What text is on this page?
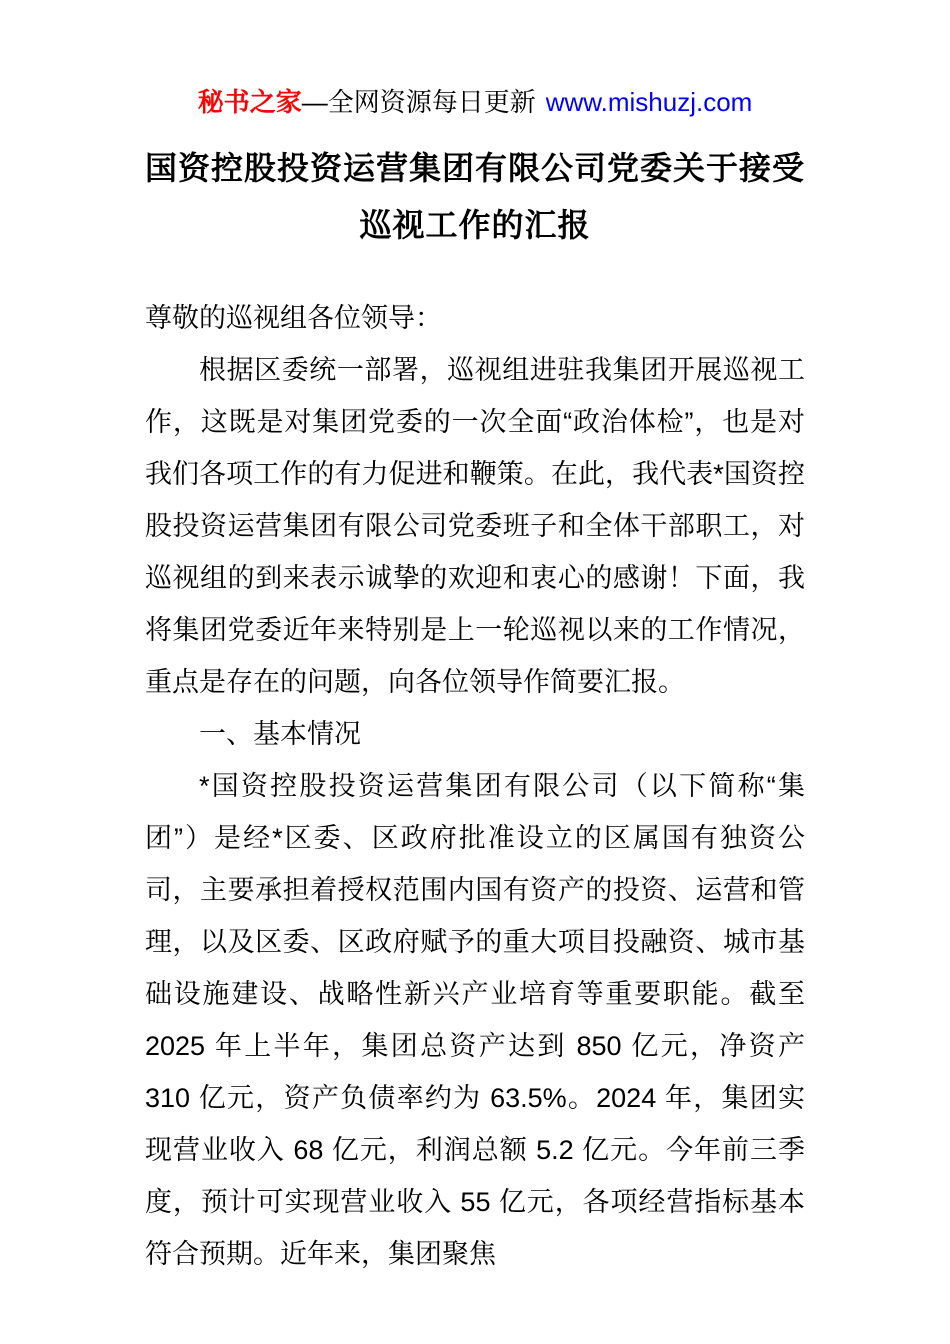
秘书之家—全网资源每日更新 www.mishuzj.com
国资控股投资运营集团有限公司党委关于接受巡视工作的汇报

尊敬的巡视组各位领导：

根据区委统一部署，巡视组进驻我集团开展巡视工作，这既是对集团党委的一次全面“政治体检”，也是对我们各项工作的有力促进和鞭策。在此，我代表*国资控股投资运营集团有限公司党委班子和全体干部职工，对巡视组的到来表示诚挚的欢迎和衷心的感谢！下面，我将集团党委近年来特别是上一轮巡视以来的工作情况，重点是存在的问题，向各位领导作简要汇报。

一、基本情况

*国资控股投资运营集团有限公司（以下简称“集团”）是经*区委、区政府批准设立的区属国有独资公司，主要承担着授权范围内国有资产的投资、运营和管理，以及区委、区政府赋予的重大项目投融资、城市基础设施建设、战略性新兴产业培育等重要职能。截至 2025 年上半年，集团总资产达到 850 亿元，净资产 310 亿元，资产负债率约为 63.5%。2024 年，集团实现营业收入 68 亿元，利润总额 5.2 亿元。今年前三季度，预计可实现营业收入 55 亿元，各项经营指标基本符合预期。近年来，集团聚焦
